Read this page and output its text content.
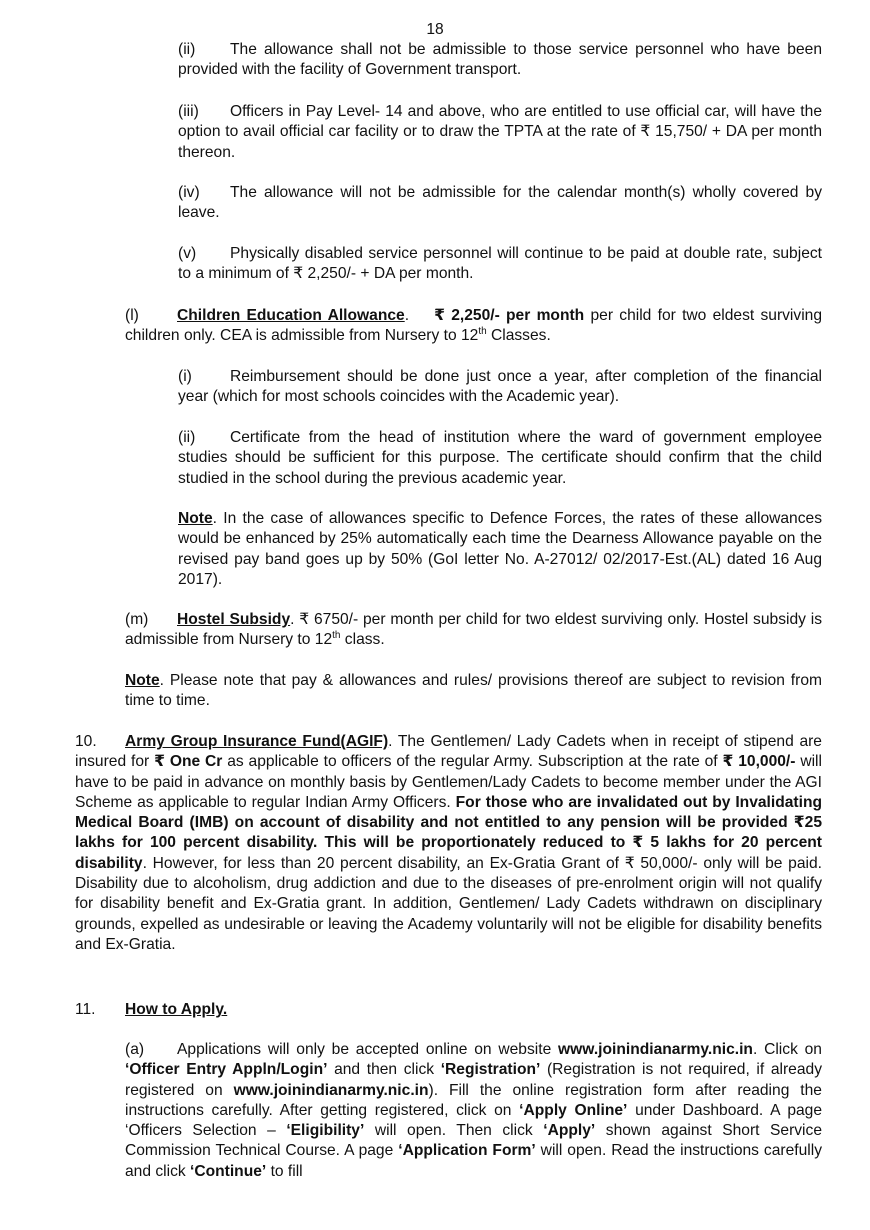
18

(ii) The allowance shall not be admissible to those service personnel who have been provided with the facility of Government transport.

(iii) Officers in Pay Level- 14 and above, who are entitled to use official car, will have the option to avail official car facility or to draw the TPTA at the rate of ₹ 15,750/ + DA per month thereon.

(iv) The allowance will not be admissible for the calendar month(s) wholly covered by leave.

(v) Physically disabled service personnel will continue to be paid at double rate, subject to a minimum of ₹ 2,250/- + DA per month.

(l) Children Education Allowance.    ₹ 2,250/- per month per child for two eldest surviving children only. CEA is admissible from Nursery to 12th Classes.

(i) Reimbursement should be done just once a year, after completion of the financial year (which for most schools coincides with the Academic year).

(ii) Certificate from the head of institution where the ward of government employee studies should be sufficient for this purpose. The certificate should confirm that the child studied in the school during the previous academic year.

Note. In the case of allowances specific to Defence Forces, the rates of these allowances would be enhanced by 25% automatically each time the Dearness Allowance payable on the revised pay band goes up by 50% (GoI letter No. A-27012/ 02/2017-Est.(AL) dated 16 Aug 2017).

(m) Hostel Subsidy. ₹ 6750/- per month per child for two eldest surviving only. Hostel subsidy is admissible from Nursery to 12th class.

Note. Please note that pay & allowances and rules/ provisions thereof are subject to revision from time to time.

10. Army Group Insurance Fund(AGIF). The Gentlemen/ Lady Cadets when in receipt of stipend are insured for ₹ One Cr as applicable to officers of the regular Army. Subscription at the rate of ₹ 10,000/- will have to be paid in advance on monthly basis by Gentlemen/Lady Cadets to become member under the AGI Scheme as applicable to regular Indian Army Officers. For those who are invalidated out by Invalidating Medical Board (IMB) on account of disability and not entitled to any pension will be provided ₹25 lakhs for 100 percent disability. This will be proportionately reduced to ₹ 5 lakhs for 20 percent disability. However, for less than 20 percent disability, an Ex-Gratia Grant of ₹ 50,000/- only will be paid. Disability due to alcoholism, drug addiction and due to the diseases of pre-enrolment origin will not qualify for disability benefit and Ex-Gratia grant. In addition, Gentlemen/ Lady Cadets withdrawn on disciplinary grounds, expelled as undesirable or leaving the Academy voluntarily will not be eligible for disability benefits and Ex-Gratia.

11. How to Apply.

(a) Applications will only be accepted online on website www.joinindianarmy.nic.in. Click on ‘Officer Entry Appln/Login’ and then click ‘Registration’ (Registration is not required, if already registered on www.joinindianarmy.nic.in). Fill the online registration form after reading the instructions carefully. After getting registered, click on ‘Apply Online’ under Dashboard. A page ‘Officers Selection – ‘Eligibility’ will open. Then click ‘Apply’ shown against Short Service Commission Technical Course. A page ‘Application Form’ will open. Read the instructions carefully and click ‘Continue’ to fill
